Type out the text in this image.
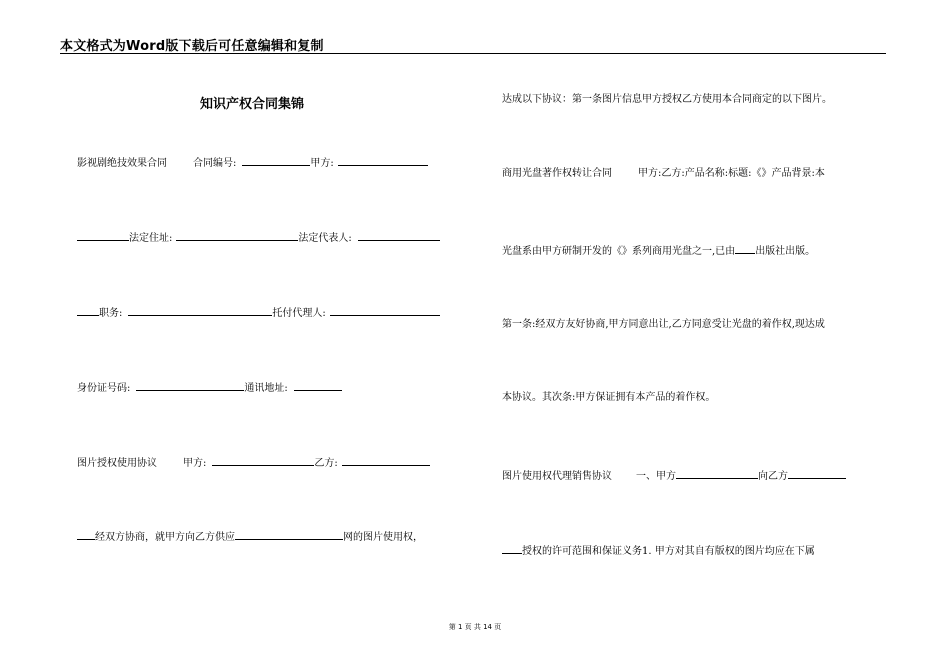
本文格式为Word版下载后可任意编辑和复制
知识产权合同集锦
影视剧绝技效果合同	合同编号:	甲方:
法定住址:	法定代表人:
职务:	托付代理人:
身份证号码:	通讯地址:
图片授权使用协议	甲方:	乙方:
经双方协商，就甲方向乙方供应	网的图片使用权，
达成以下协议：第一条图片信息甲方授权乙方使用本合同商定的以下图片。
商用光盘著作权转让合同	甲方:乙方:产品名称:标题:《》产品背景:本
光盘系由甲方研制开发的《》系列商用光盘之一,已由 出版社出版。
第一条:经双方友好协商,甲方同意出让,乙方同意受让光盘的着作权,现达成
本协议。其次条:甲方保证拥有本产品的着作权。
图片使用权代理销售协议 一、甲方	向乙方
授权的许可范围和保证义务1. 甲方对其自有版权的图片均应在下属
第 1 页 共 14 页
